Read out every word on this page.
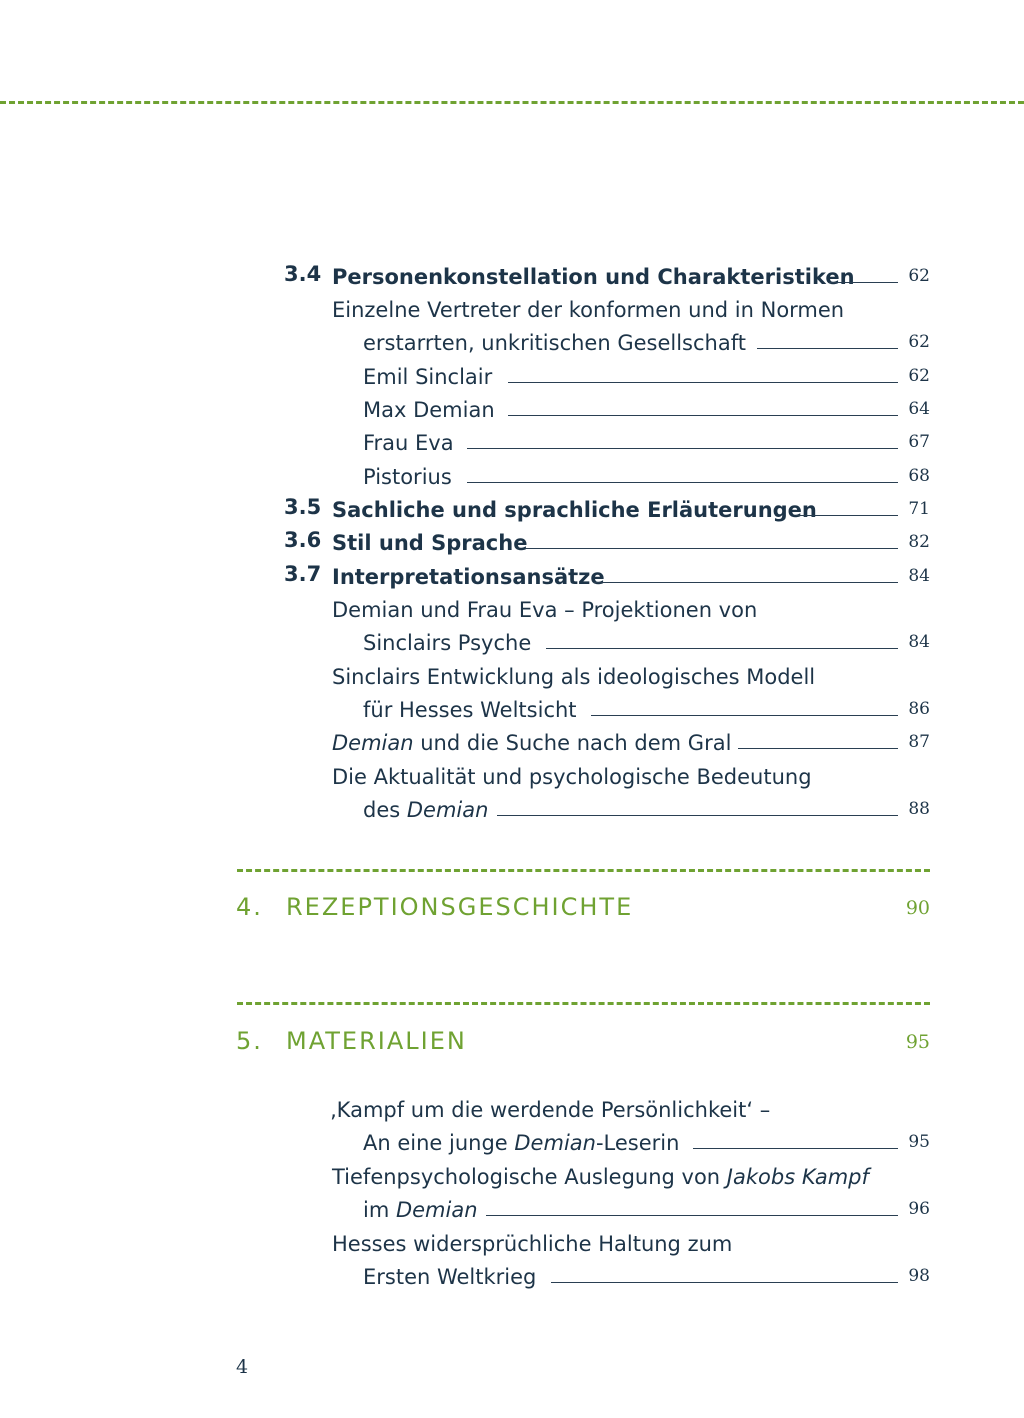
3.4 Personenkonstellation und Charakteristiken	62
Einzelne Vertreter der konformen und in Normen
erstarrten, unkritischen Gesellschaft	62
Emil Sinclair	62
Max Demian	64
Frau Eva	67
Pistorius	68
3.5 Sachliche und sprachliche Erläuterungen	71
3.6 Stil und Sprache	82
3.7 Interpretationsansätze	84
Demian und Frau Eva – Projektionen von
Sinclairs Psyche	84
Sinclairs Entwicklung als ideologisches Modell
für Hesses Weltsicht	86
Demian und die Suche nach dem Gral	87
Die Aktualität und psychologische Bedeutung
des Demian	88
4. REZEPTIONSGESCHICHTE	90
5. MATERIALIEN	95
‚Kampf um die werdende Persönlichkeit‘ –
An eine junge Demian-Leserin	95
Tiefenpsychologische Auslegung von Jakobs Kampf
im Demian	96
Hesses widersprüchliche Haltung zum
Ersten Weltkrieg	98
4
